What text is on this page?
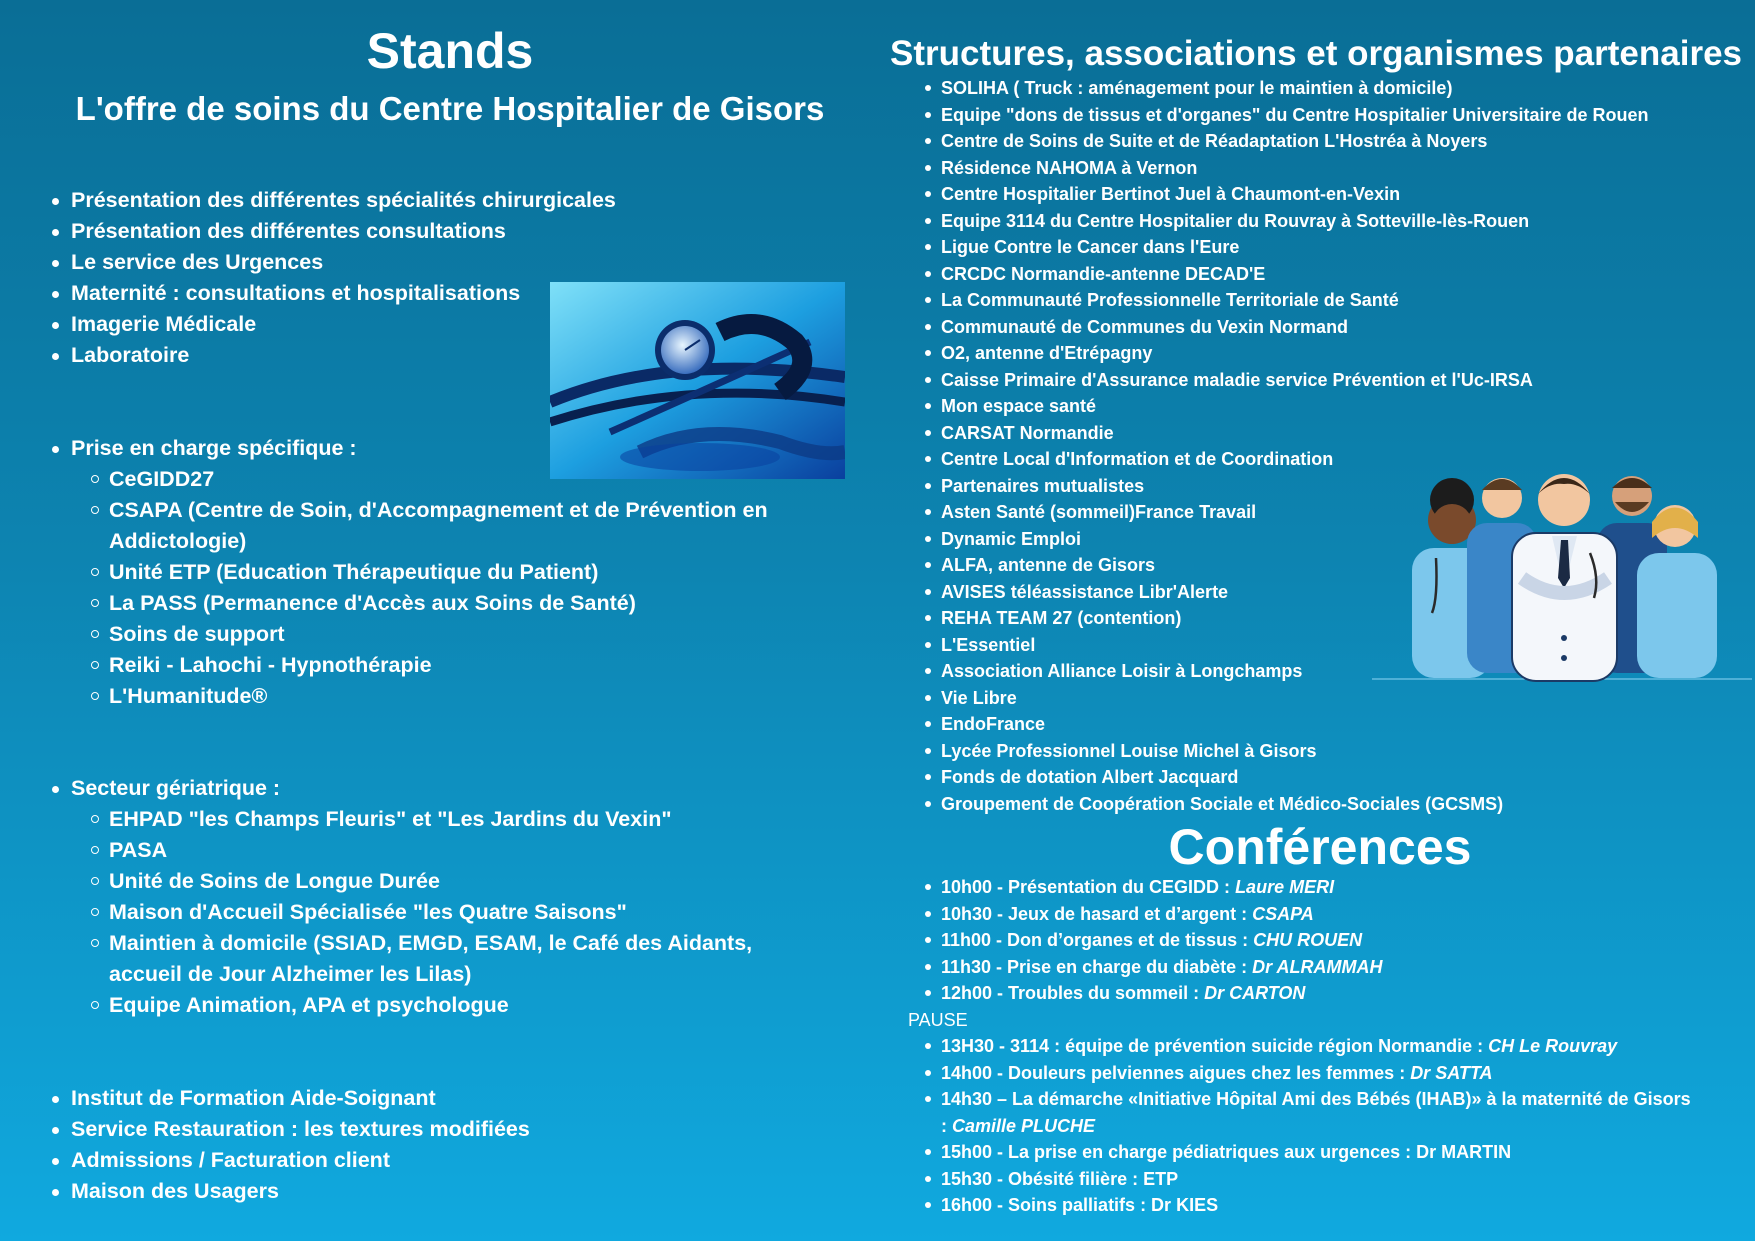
Stands
L'offre de soins du Centre Hospitalier de Gisors
Présentation des différentes spécialités chirurgicales
Présentation des différentes consultations
Le service des Urgences
Maternité : consultations et hospitalisations
Imagerie Médicale
Laboratoire
Prise en charge spécifique :
CeGIDD27
CSAPA (Centre de Soin, d'Accompagnement et de Prévention en
Addictologie)
Unité ETP (Education Thérapeutique du Patient)
La PASS (Permanence d'Accès aux Soins de Santé)
Soins de support
Reiki - Lahochi - Hypnothérapie
L'Humanitude®
Secteur gériatrique :
EHPAD "les Champs Fleuris" et "Les Jardins du Vexin"
PASA
Unité de Soins de Longue Durée
Maison d'Accueil Spécialisée "les Quatre Saisons"
Maintien à domicile (SSIAD, EMGD, ESAM, le Café des Aidants,
accueil de Jour Alzheimer les Lilas)
Equipe Animation, APA et psychologue
Institut de Formation Aide-Soignant
Service Restauration : les textures modifiées
Admissions / Facturation client
Maison des Usagers
Structures, associations et organismes partenaires
SOLIHA ( Truck : aménagement pour le maintien à domicile)
Equipe "dons de tissus et d'organes" du Centre Hospitalier Universitaire de Rouen
Centre de Soins de Suite et de Réadaptation L'Hostréa à Noyers
Résidence NAHOMA à Vernon
Centre Hospitalier Bertinot Juel à Chaumont-en-Vexin
Equipe 3114 du Centre Hospitalier du Rouvray à Sotteville-lès-Rouen
Ligue Contre le Cancer dans l'Eure
CRCDC Normandie-antenne DECAD'E
La Communauté Professionnelle Territoriale de Santé
Communauté de Communes du Vexin Normand
O2, antenne d'Etrépagny
Caisse Primaire d'Assurance maladie service Prévention et l'Uc-IRSA
Mon espace santé
CARSAT Normandie
Centre Local d'Information et de Coordination
Partenaires mutualistes
Asten Santé (sommeil)France Travail
Dynamic Emploi
ALFA, antenne de Gisors
AVISES téléassistance Libr'Alerte
REHA TEAM 27 (contention)
L'Essentiel
Association Alliance Loisir à Longchamps
Vie Libre
EndoFrance
Lycée Professionnel Louise Michel à Gisors
Fonds de dotation Albert Jacquard
Groupement de Coopération Sociale et Médico-Sociales (GCSMS)
Conférences
10h00 - Présentation du CEGIDD : Laure MERI
10h30 - Jeux de hasard et d’argent : CSAPA
11h00 - Don d’organes et de tissus : CHU ROUEN
11h30 - Prise en charge du diabète : Dr ALRAMMAH
12h00 - Troubles du sommeil : Dr CARTON
PAUSE
13H30 - 3114 : équipe de prévention suicide région Normandie : CH Le Rouvray
14h00 - Douleurs pelviennes aigues chez les femmes : Dr SATTA
14h30 – La démarche «Initiative Hôpital Ami des Bébés (IHAB)» à la maternité de Gisors
: Camille PLUCHE
15h00 - La prise en charge pédiatriques aux urgences : Dr MARTIN
15h30 - Obésité filière : ETP
16h00 - Soins palliatifs : Dr KIES
